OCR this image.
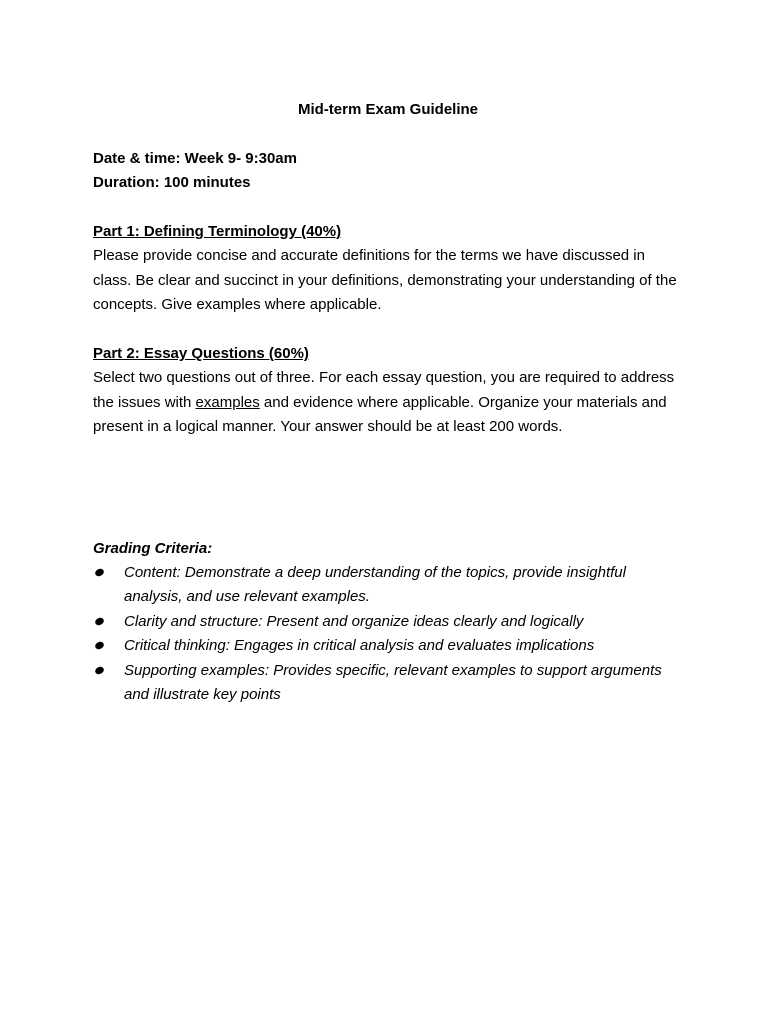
Mid-term Exam Guideline

Date & time: Week 9- 9:30am

Duration: 100 minutes

Part 1: Defining Terminology (40%)

Please provide concise and accurate definitions for the terms we have discussed in class. Be clear and succinct in your definitions, demonstrating your understanding of the concepts. Give examples where applicable.

Part 2: Essay Questions (60%)

Select two questions out of three. For each essay question, you are required to address the issues with examples and evidence where applicable. Organize your materials and present in a logical manner. Your answer should be at least 200 words.

Grading Criteria:

Content: Demonstrate a deep understanding of the topics, provide insightful analysis, and use relevant examples.
Clarity and structure: Present and organize ideas clearly and logically
Critical thinking: Engages in critical analysis and evaluates implications
Supporting examples: Provides specific, relevant examples to support arguments and illustrate key points
